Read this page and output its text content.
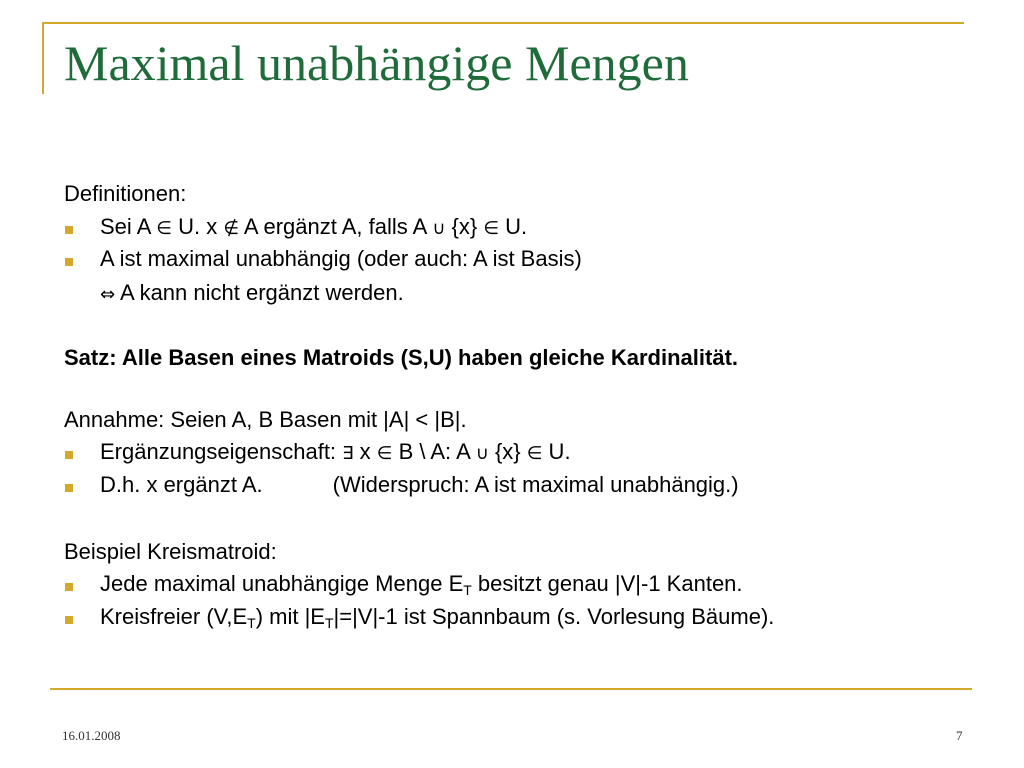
Maximal unabhängige Mengen
Definitionen:
Sei A ∈ U. x ∉ A ergänzt A, falls A ∪ {x} ∈ U.
A ist maximal unabhängig (oder auch: A ist Basis)
⇔ A kann nicht ergänzt werden.
Satz: Alle Basen eines Matroids (S,U) haben gleiche Kardinalität.
Annahme: Seien A, B Basen mit |A| < |B|.
Ergänzungseigenschaft: ∃ x ∈ B \ A: A ∪ {x} ∈ U.
D.h. x ergänzt A.	(Widerspruch: A ist maximal unabhängig.)
Beispiel Kreismatroid:
Jede maximal unabhängige Menge $E_T$ besitzt genau |V|-1 Kanten.
Kreisfreier $(V,E_T)$ mit $|E_T|=|V|-1$ ist Spannbaum (s. Vorlesung Bäume).
16.01.2008	7
